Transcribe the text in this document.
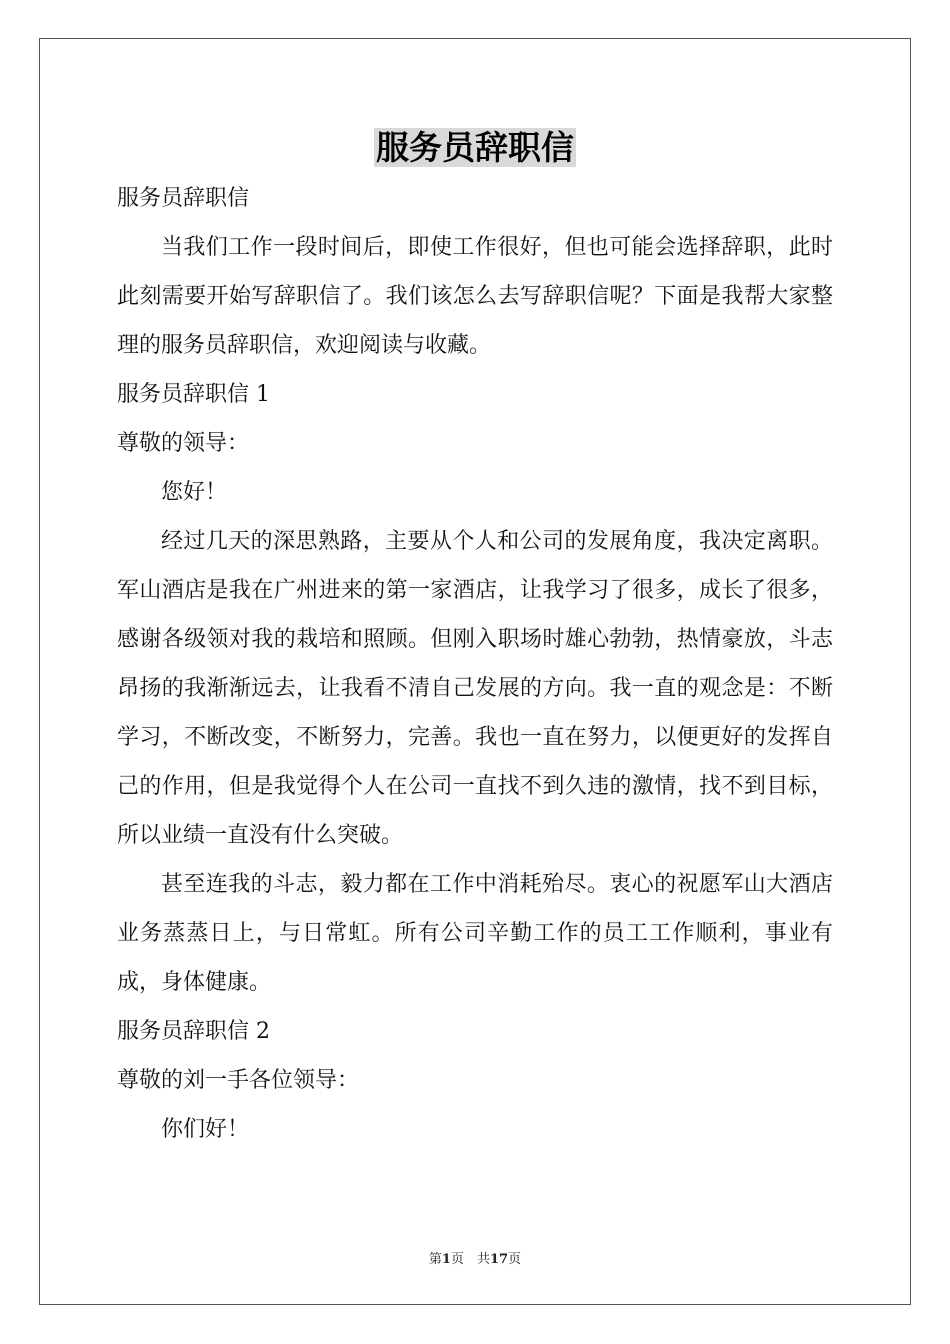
服务员辞职信

服务员辞职信

当我们工作一段时间后，即使工作很好，但也可能会选择辞职，此时此刻需要开始写辞职信了。我们该怎么去写辞职信呢？下面是我帮大家整理的服务员辞职信，欢迎阅读与收藏。

服务员辞职信 1

尊敬的领导：

您好！

经过几天的深思熟路，主要从个人和公司的发展角度，我决定离职。军山酒店是我在广州进来的第一家酒店，让我学习了很多，成长了很多，感谢各级领对我的栽培和照顾。但刚入职场时雄心勃勃，热情豪放，斗志昂扬的我渐渐远去，让我看不清自己发展的方向。我一直的观念是：不断学习，不断改变，不断努力，完善。我也一直在努力，以便更好的发挥自己的作用，但是我觉得个人在公司一直找不到久违的激情，找不到目标，所以业绩一直没有什么突破。

甚至连我的斗志，毅力都在工作中消耗殆尽。衷心的祝愿军山大酒店业务蒸蒸日上，与日常虹。所有公司辛勤工作的员工工作顺利，事业有成，身体健康。

服务员辞职信 2

尊敬的刘一手各位领导：

你们好！

第1页　共17页
